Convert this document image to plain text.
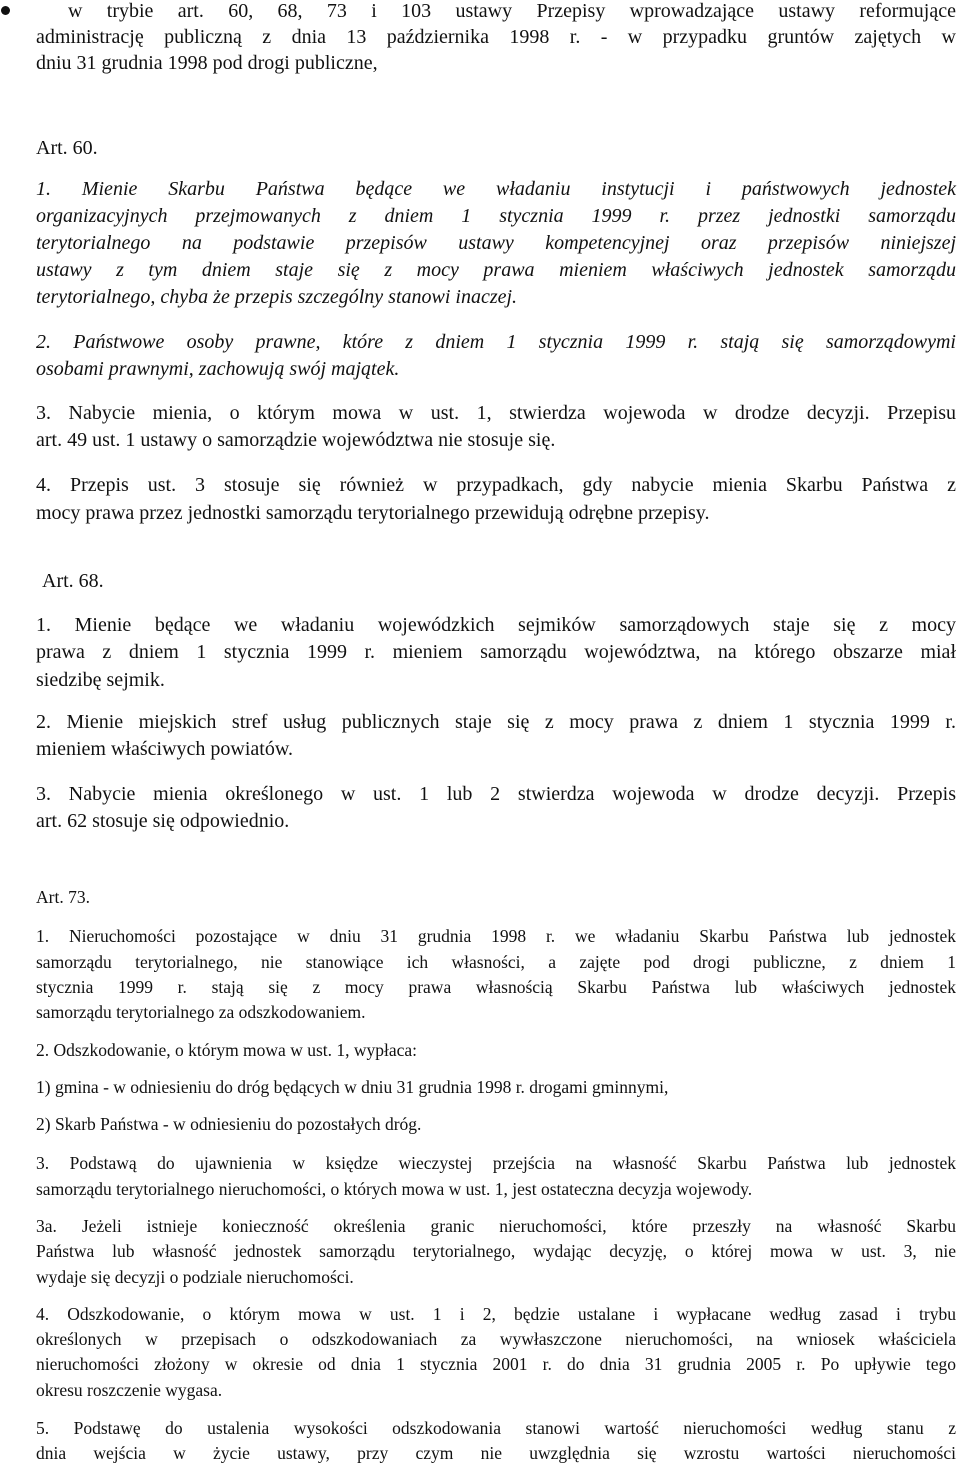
w trybie art. 60, 68, 73 i 103 ustawy Przepisy wprowadzające ustawy reformujące
administrację publiczną z dnia 13 października 1998 r. - w przypadku gruntów zajętych w
dniu 31 grudnia 1998 pod drogi publiczne,
Art. 60.
1. Mienie Skarbu Państwa będące we władaniu instytucji i państwowych jednostek
organizacyjnych przejmowanych z dniem 1 stycznia 1999 r. przez jednostki samorządu
terytorialnego na podstawie przepisów ustawy kompetencyjnej oraz przepisów niniejszej
ustawy z tym dniem staje się z mocy prawa mieniem właściwych jednostek samorządu
terytorialnego, chyba że przepis szczególny stanowi inaczej.
2. Państwowe osoby prawne, które z dniem 1 stycznia 1999 r. stają się samorządowymi
osobami prawnymi, zachowują swój majątek.
3. Nabycie mienia, o którym mowa w ust. 1, stwierdza wojewoda w drodze decyzji. Przepisu
art. 49 ust. 1 ustawy o samorządzie województwa nie stosuje się.
4. Przepis ust. 3 stosuje się również w przypadkach, gdy nabycie mienia Skarbu Państwa z
mocy prawa przez jednostki samorządu terytorialnego przewidują odrębne przepisy.
Art. 68.
1. Mienie będące we władaniu wojewódzkich sejmików samorządowych staje się z mocy
prawa z dniem 1 stycznia 1999 r. mieniem samorządu województwa, na którego obszarze miał
siedzibę sejmik.
2. Mienie miejskich stref usług publicznych staje się z mocy prawa z dniem 1 stycznia 1999 r.
mieniem właściwych powiatów.
3. Nabycie mienia określonego w ust. 1 lub 2 stwierdza wojewoda w drodze decyzji. Przepis
art. 62 stosuje się odpowiednio.
Art. 73.
1. Nieruchomości pozostające w dniu 31 grudnia 1998 r. we władaniu Skarbu Państwa lub jednostek
samorządu terytorialnego, nie stanowiące ich własności, a zajęte pod drogi publiczne, z dniem 1
stycznia 1999 r. stają się z mocy prawa własnością Skarbu Państwa lub właściwych jednostek
samorządu terytorialnego za odszkodowaniem.
2. Odszkodowanie, o którym mowa w ust. 1, wypłaca:
1) gmina - w odniesieniu do dróg będących w dniu 31 grudnia 1998 r. drogami gminnymi,
2) Skarb Państwa - w odniesieniu do pozostałych dróg.
3. Podstawą do ujawnienia w księdze wieczystej przejścia na własność Skarbu Państwa lub jednostek
samorządu terytorialnego nieruchomości, o których mowa w ust. 1, jest ostateczna decyzja wojewody.
3a. Jeżeli istnieje konieczność określenia granic nieruchomości, które przeszły na własność Skarbu
Państwa lub własność jednostek samorządu terytorialnego, wydając decyzję, o której mowa w ust. 3, nie
wydaje się decyzji o podziale nieruchomości.
4. Odszkodowanie, o którym mowa w ust. 1 i 2, będzie ustalane i wypłacane według zasad i trybu
określonych w przepisach o odszkodowaniach za wywłaszczone nieruchomości, na wniosek właściciela
nieruchomości złożony w okresie od dnia 1 stycznia 2001 r. do dnia 31 grudnia 2005 r. Po upływie tego
okresu roszczenie wygasa.
5. Podstawę do ustalenia wysokości odszkodowania stanowi wartość nieruchomości według stanu z
dnia wejścia w życie ustawy, przy czym nie uwzględnia się wzrostu wartości nieruchomości
